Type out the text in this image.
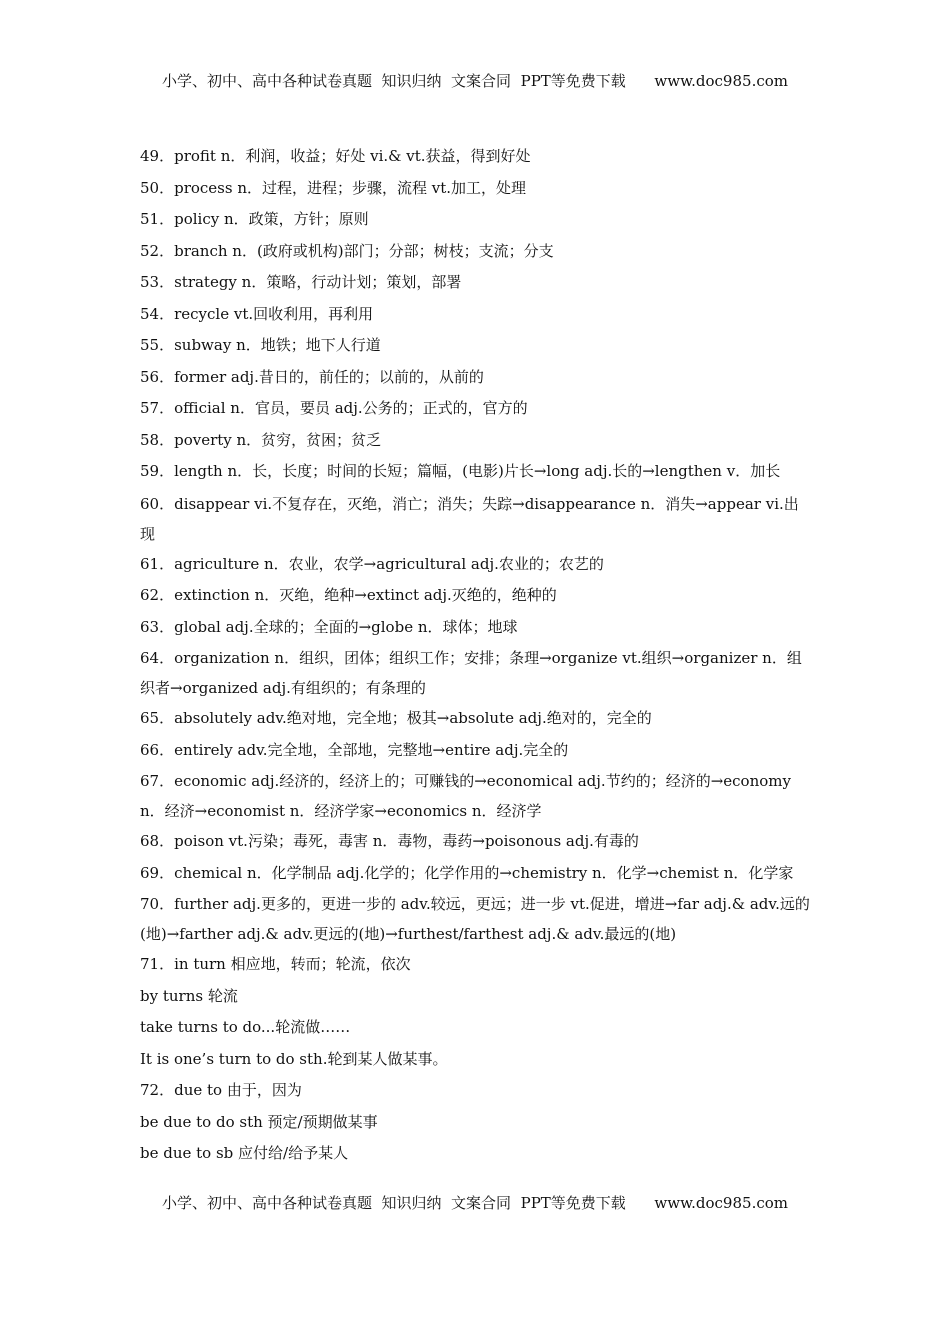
小学、初中、高中各种试卷真题  知识归纳  文案合同  PPT等免费下载      www.doc985.com

49．profit n．利润，收益；好处 vi.& vt.获益，得到好处

50．process n．过程，进程；步骤，流程 vt.加工，处理

51．policy n．政策，方针；原则

52．branch n．(政府或机构)部门；分部；树枝；支流；分支

53．strategy n．策略，行动计划；策划，部署

54．recycle vt.回收利用，再利用

55．subway n．地铁；地下人行道

56．former adj.昔日的，前任的；以前的，从前的

57．official n．官员，要员 adj.公务的；正式的，官方的

58．poverty n．贫穷，贫困；贫乏

59．length n．长，长度；时间的长短；篇幅，(电影)片长→long adj.长的→lengthen v．加长

60．disappear vi.不复存在，灭绝，消亡；消失；失踪→disappearance n．消失→appear vi.出现

61．agriculture n．农业，农学→agricultural adj.农业的；农艺的

62．extinction n．灭绝，绝种→extinct adj.灭绝的，绝种的

63．global adj.全球的；全面的→globe n．球体；地球

64．organization n．组织，团体；组织工作；安排；条理→organize vt.组织→organizer n．组织者→organized adj.有组织的；有条理的

65．absolutely adv.绝对地，完全地；极其→absolute adj.绝对的，完全的

66．entirely adv.完全地，全部地，完整地→entire adj.完全的

67．economic adj.经济的，经济上的；可赚钱的→economical adj.节约的；经济的→economy n．经济→economist n．经济学家→economics n．经济学

68．poison vt.污染；毒死，毒害 n．毒物，毒药→poisonous adj.有毒的

69．chemical n．化学制品 adj.化学的；化学作用的→chemistry n．化学→chemist n．化学家

70．further adj.更多的，更进一步的 adv.较远，更远；进一步 vt.促进，增进→far adj.& adv.远的(地)→farther adj.& adv.更远的(地)→furthest/farthest adj.& adv.最远的(地)

71．in turn 相应地，转而；轮流，依次

by turns 轮流

take turns to do...轮流做……

It is one’s turn to do sth.轮到某人做某事。

72．due to 由于，因为

be due to do sth 预定/预期做某事

be due to sb 应付给/给予某人

小学、初中、高中各种试卷真题  知识归纳  文案合同  PPT等免费下载      www.doc985.com
